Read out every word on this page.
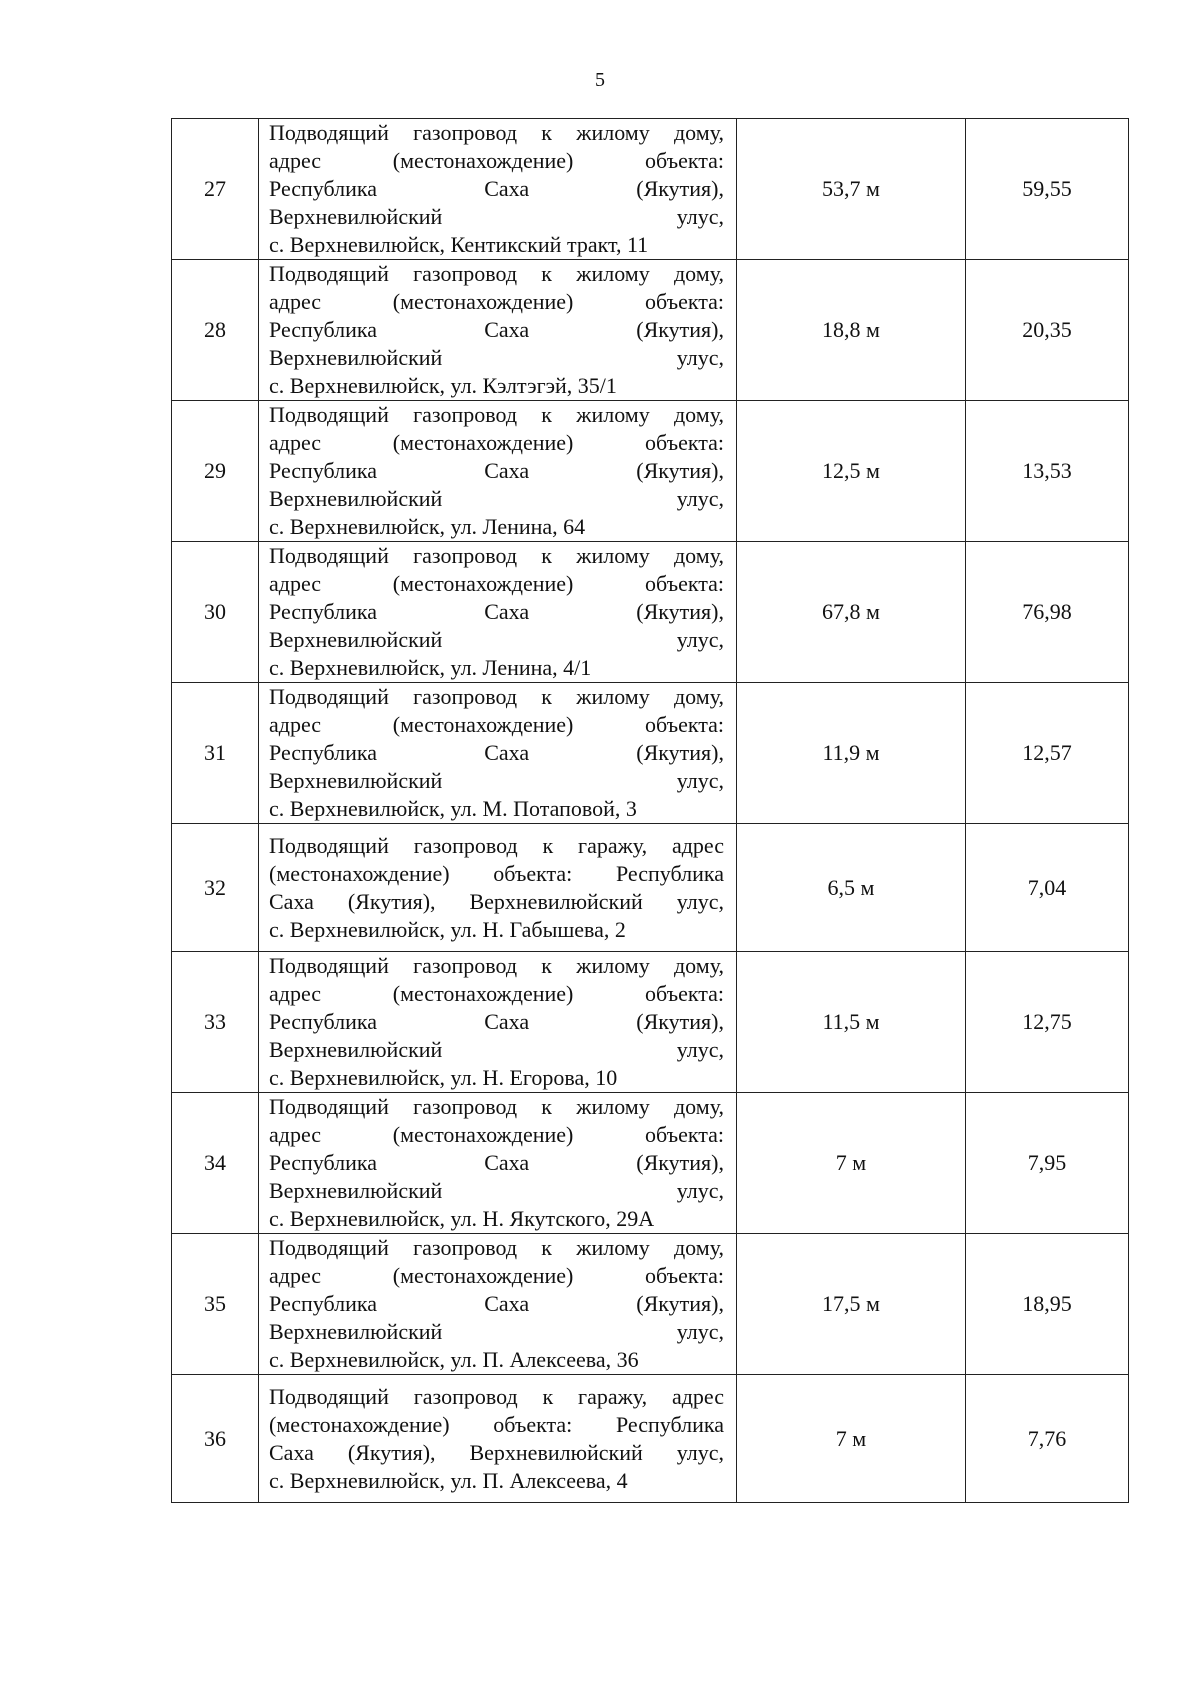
5
27	Подводящий газопровод к жилому дому,
адрес (местонахождение) объекта:
Республика Саха (Якутия),
Верхневилюйский улус,
с. Верхневилюйск, Кентикский тракт, 11	53,7 м	59,55
28	Подводящий газопровод к жилому дому,
адрес (местонахождение) объекта:
Республика Саха (Якутия),
Верхневилюйский улус,
с. Верхневилюйск, ул. Кэлтэгэй, 35/1	18,8 м	20,35
29	Подводящий газопровод к жилому дому,
адрес (местонахождение) объекта:
Республика Саха (Якутия),
Верхневилюйский улус,
с. Верхневилюйск, ул. Ленина, 64	12,5 м	13,53
30	Подводящий газопровод к жилому дому,
адрес (местонахождение) объекта:
Республика Саха (Якутия),
Верхневилюйский улус,
с. Верхневилюйск, ул. Ленина, 4/1	67,8 м	76,98
31	Подводящий газопровод к жилому дому,
адрес (местонахождение) объекта:
Республика Саха (Якутия),
Верхневилюйский улус,
с. Верхневилюйск, ул. М. Потаповой, 3	11,9 м	12,57
32	Подводящий газопровод к гаражу, адрес
(местонахождение) объекта: Республика
Саха (Якутия), Верхневилюйский улус,
с. Верхневилюйск, ул. Н. Габышева, 2	6,5 м	7,04
33	Подводящий газопровод к жилому дому,
адрес (местонахождение) объекта:
Республика Саха (Якутия),
Верхневилюйский улус,
с. Верхневилюйск, ул. Н. Егорова, 10	11,5 м	12,75
34	Подводящий газопровод к жилому дому,
адрес (местонахождение) объекта:
Республика Саха (Якутия),
Верхневилюйский улус,
с. Верхневилюйск, ул. Н. Якутского, 29А	7 м	7,95
35	Подводящий газопровод к жилому дому,
адрес (местонахождение) объекта:
Республика Саха (Якутия),
Верхневилюйский улус,
с. Верхневилюйск, ул. П. Алексеева, 36	17,5 м	18,95
36	Подводящий газопровод к гаражу, адрес
(местонахождение) объекта: Республика
Саха (Якутия), Верхневилюйский улус,
с. Верхневилюйск, ул. П. Алексеева, 4	7 м	7,76
